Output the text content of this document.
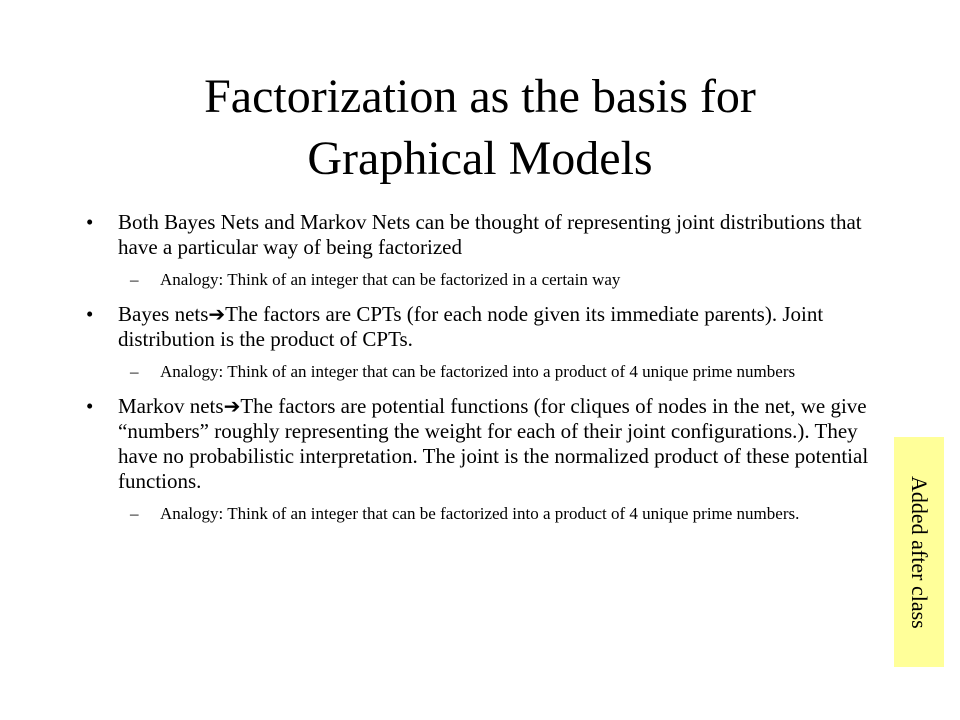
Factorization as the basis for
Graphical Models
• Both Bayes Nets and Markov Nets can be thought of representing joint distributions that have a particular way of being factorized
– Analogy: Think of an integer that can be factorized in a certain way
• Bayes nets➔The factors are CPTs (for each node given its immediate parents). Joint distribution is the product of CPTs.
– Analogy: Think of an integer that can be factorized into a product of 4 unique prime numbers
• Markov nets➔The factors are potential functions (for cliques of nodes in the net, we give “numbers” roughly representing the weight for each of their joint configurations.). They have no probabilistic interpretation. The joint is the normalized product of these potential functions.
– Analogy: Think of an integer that can be factorized into a product of 4 unique prime numbers.	Added after class
